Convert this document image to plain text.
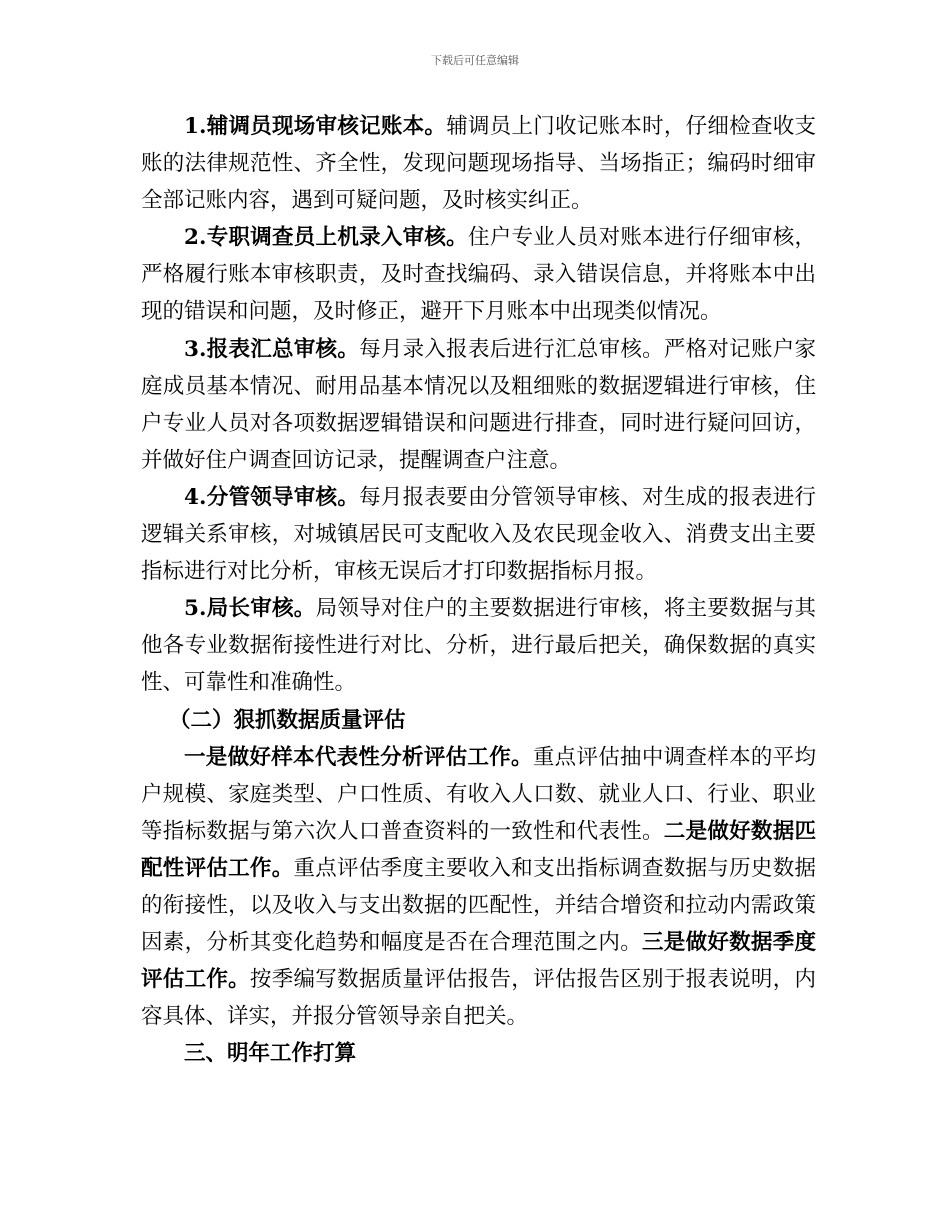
下载后可任意编辑

1.辅调员现场审核记账本。辅调员上门收记账本时，仔细检查收支账的法律规范性、齐全性，发现问题现场指导、当场指正；编码时细审全部记账内容，遇到可疑问题，及时核实纠正。

2.专职调查员上机录入审核。住户专业人员对账本进行仔细审核，严格履行账本审核职责，及时查找编码、录入错误信息，并将账本中出现的错误和问题，及时修正，避开下月账本中出现类似情况。

3.报表汇总审核。每月录入报表后进行汇总审核。严格对记账户家庭成员基本情况、耐用品基本情况以及粗细账的数据逻辑进行审核，住户专业人员对各项数据逻辑错误和问题进行排查，同时进行疑问回访，并做好住户调查回访记录，提醒调查户注意。

4.分管领导审核。每月报表要由分管领导审核、对生成的报表进行逻辑关系审核，对城镇居民可支配收入及农民现金收入、消费支出主要指标进行对比分析，审核无误后才打印数据指标月报。

5.局长审核。局领导对住户的主要数据进行审核，将主要数据与其他各专业数据衔接性进行对比、分析，进行最后把关，确保数据的真实性、可靠性和准确性。

（二）狠抓数据质量评估

一是做好样本代表性分析评估工作。重点评估抽中调查样本的平均户规模、家庭类型、户口性质、有收入人口数、就业人口、行业、职业等指标数据与第六次人口普查资料的一致性和代表性。二是做好数据匹配性评估工作。重点评估季度主要收入和支出指标调查数据与历史数据的衔接性，以及收入与支出数据的匹配性，并结合增资和拉动内需政策因素，分析其变化趋势和幅度是否在合理范围之内。三是做好数据季度评估工作。按季编写数据质量评估报告，评估报告区别于报表说明，内容具体、详实，并报分管领导亲自把关。

三、明年工作打算
